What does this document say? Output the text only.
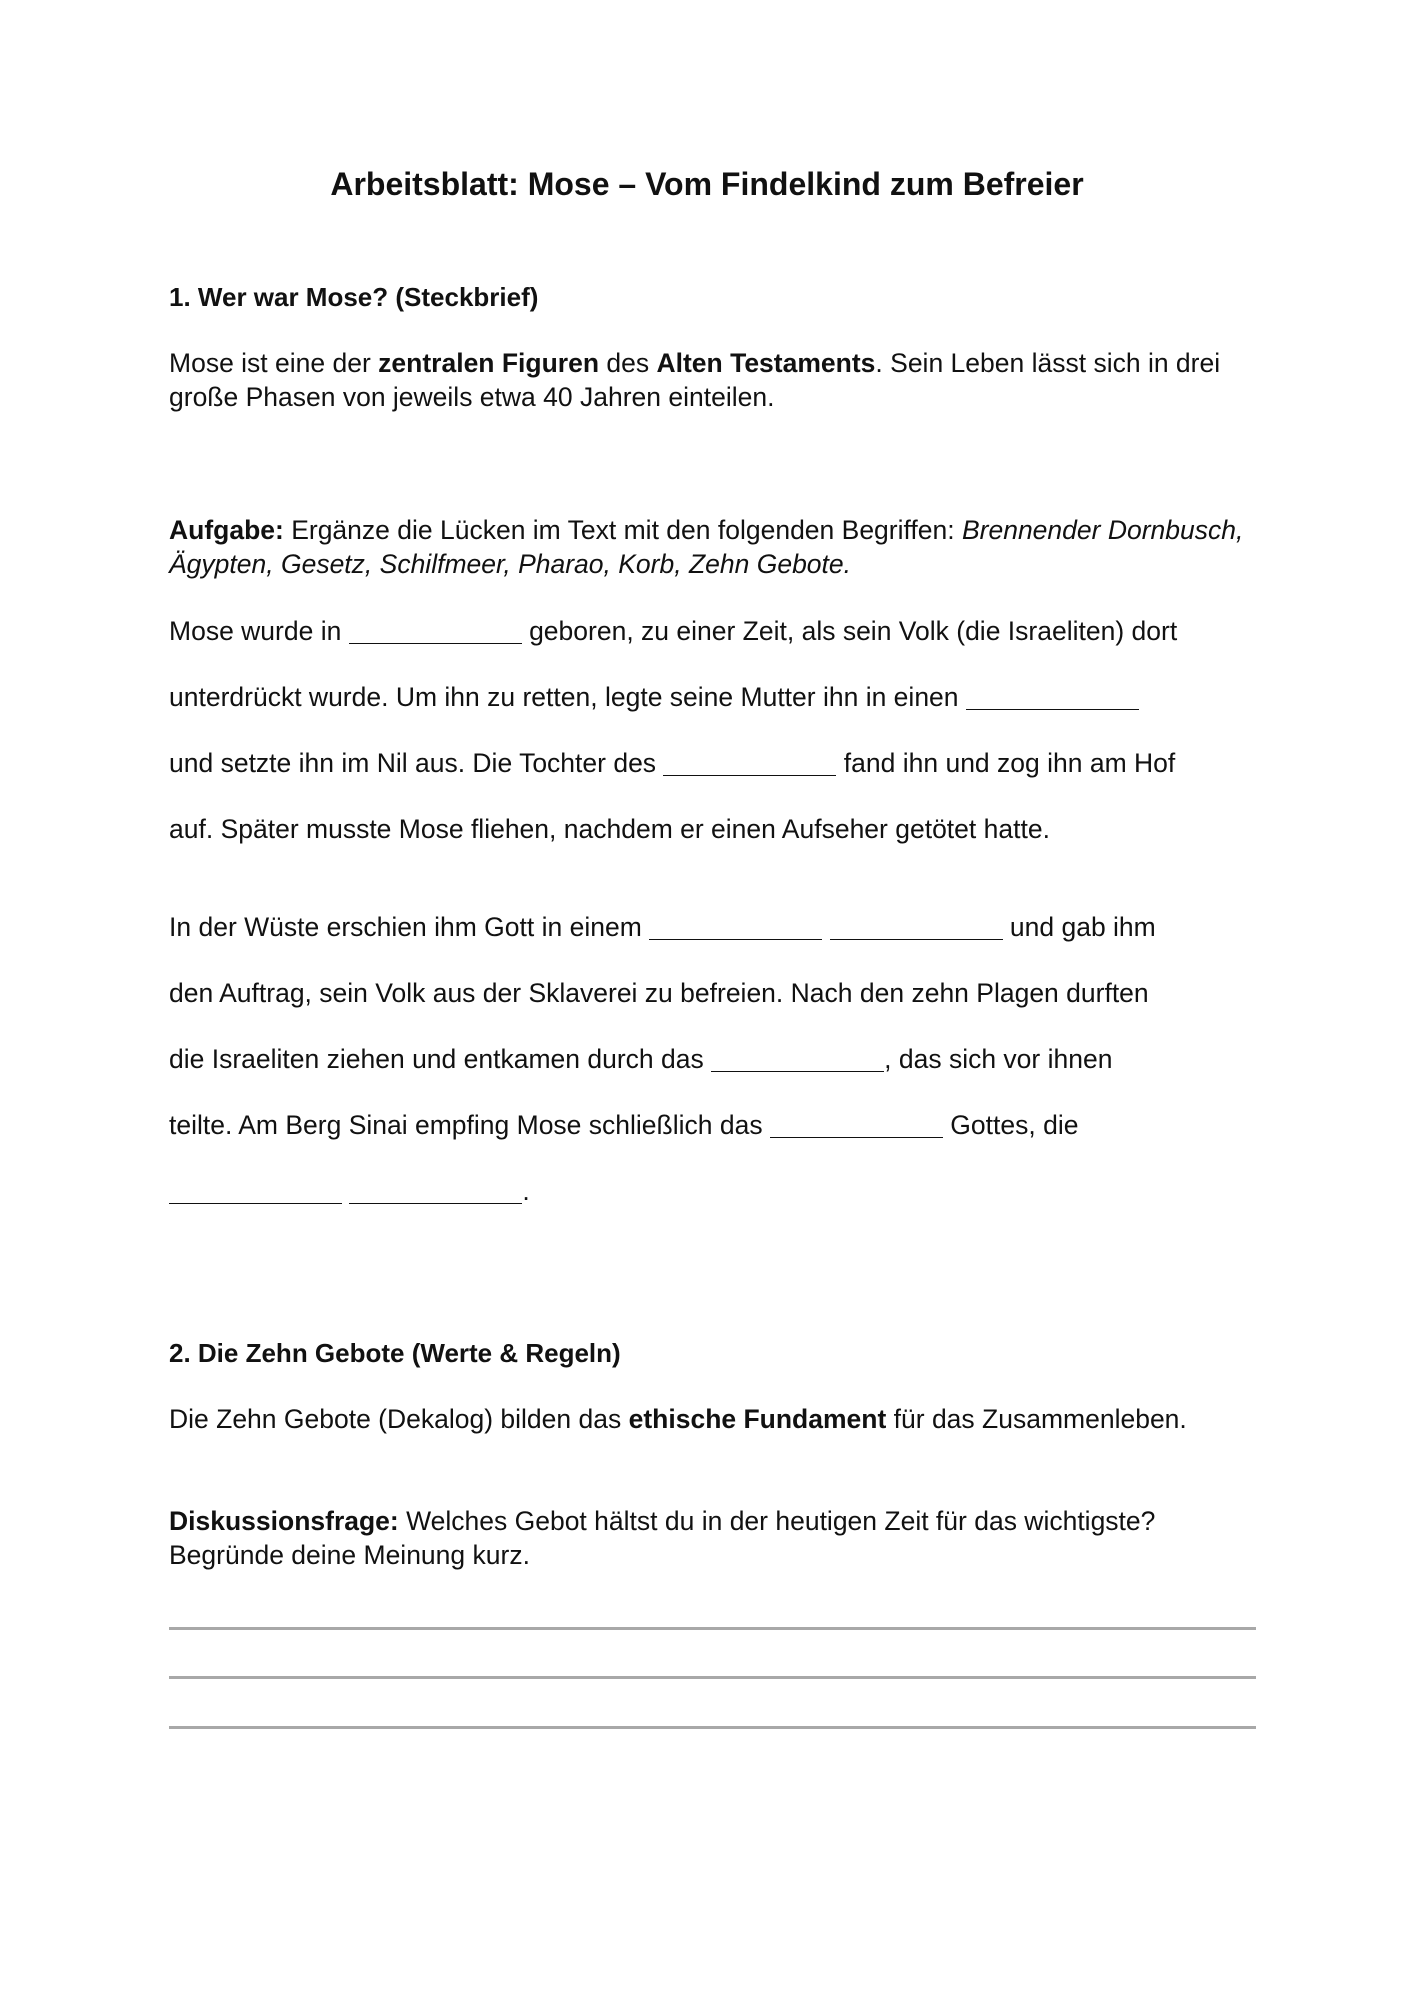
Arbeitsblatt: Mose – Vom Findelkind zum Befreier
1. Wer war Mose? (Steckbrief)
Mose ist eine der zentralen Figuren des Alten Testaments. Sein Leben lässt sich in drei große Phasen von jeweils etwa 40 Jahren einteilen.
Aufgabe: Ergänze die Lücken im Text mit den folgenden Begriffen: Brennender Dornbusch, Ägypten, Gesetz, Schilfmeer, Pharao, Korb, Zehn Gebote.
Mose wurde in	geboren, zu einer Zeit, als sein Volk (die Israeliten) dort
unterdrückt wurde. Um ihn zu retten, legte seine Mutter ihn in einen
und setzte ihn im Nil aus. Die Tochter des	fand ihn und zog ihn am Hof
auf. Später musste Mose fliehen, nachdem er einen Aufseher getötet hatte.
In der Wüste erschien ihm Gott in einem	und gab ihm
den Auftrag, sein Volk aus der Sklaverei zu befreien. Nach den zehn Plagen durften
die Israeliten ziehen und entkamen durch das	, das sich vor ihnen
teilte. Am Berg Sinai empfing Mose schließlich das	Gottes, die
.
2. Die Zehn Gebote (Werte & Regeln)
Die Zehn Gebote (Dekalog) bilden das ethische Fundament für das Zusammenleben.
Diskussionsfrage: Welches Gebot hältst du in der heutigen Zeit für das wichtigste? Begründe deine Meinung kurz.
